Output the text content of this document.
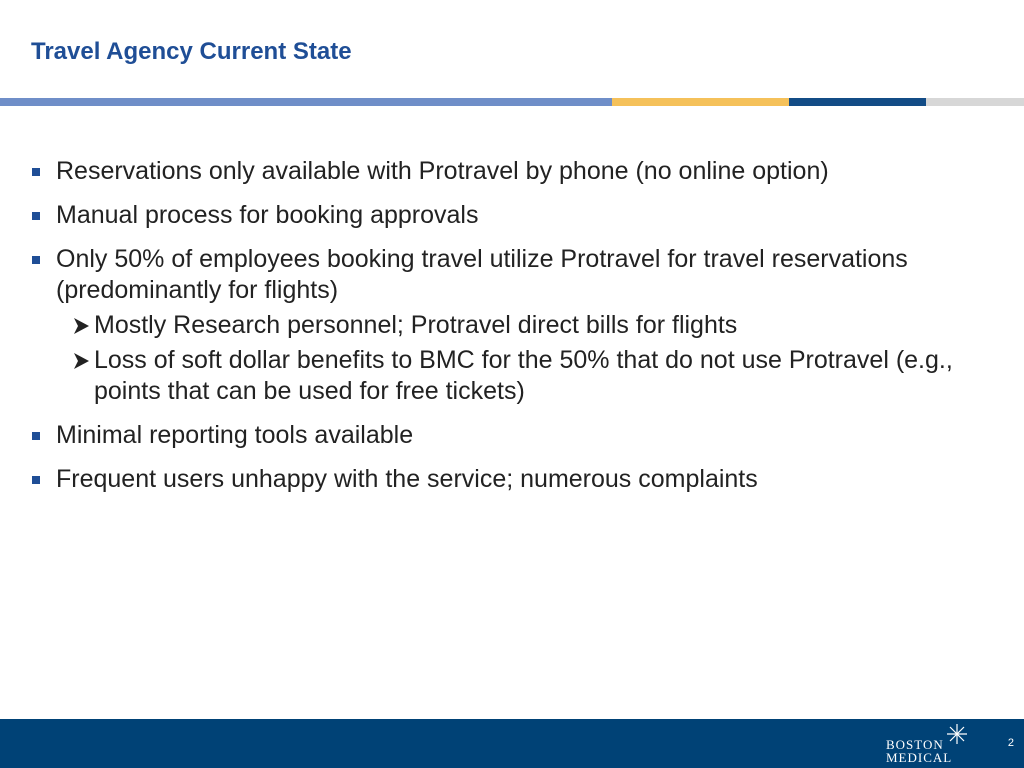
Travel Agency Current State
Reservations only available with Protravel by phone (no online option)
Manual process for booking approvals
Only 50% of employees booking travel utilize Protravel for travel reservations (predominantly for flights)
Mostly Research personnel; Protravel direct bills for flights
Loss of soft dollar benefits to BMC for the 50% that do not use Protravel (e.g., points that can be used for free tickets)
Minimal reporting tools available
Frequent users unhappy with the service; numerous complaints
BOSTON
MEDICAL
2
